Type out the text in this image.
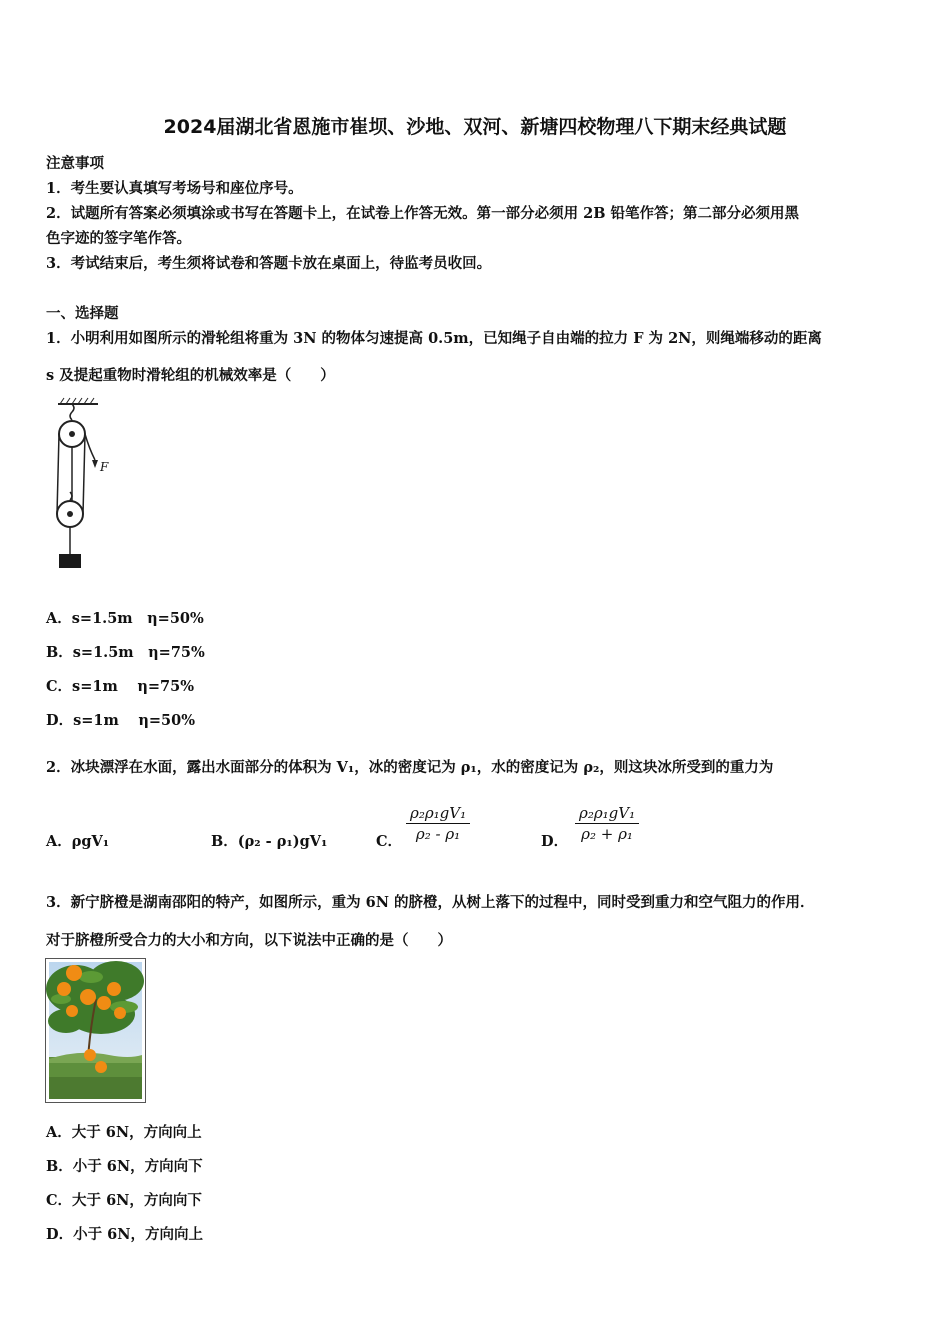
2024届湖北省恩施市崔坝、沙地、双河、新塘四校物理八下期末经典试题
注意事项
1．考生要认真填写考场号和座位序号。
2．试题所有答案必须填涂或书写在答题卡上，在试卷上作答无效。第一部分必须用 2B 铅笔作答；第二部分必须用黑
色字迹的签字笔作答。
3．考试结束后，考生须将试卷和答题卡放在桌面上，待监考员收回。
一、选择题
1．小明利用如图所示的滑轮组将重为 3N 的物体匀速提高 0.5m，已知绳子自由端的拉力 F 为 2N，则绳端移动的距离
s 及提起重物时滑轮组的机械效率是（　　）
F
A．s=1.5m　η=50%
B．s=1.5m　η=75%
C．s=1m　 η=75%
D．s=1m　 η=50%
2．冰块漂浮在水面，露出水面部分的体积为 V₁，冰的密度记为 ρ₁，水的密度记为 ρ₂，则这块冰所受到的重力为
A．ρgV₁	B．(ρ₂ - ρ₁)gV₁	C． $\frac{\text{ρ₂ρ₁gV₁}}{\text{ρ₂ - ρ₁}}$	D． $\frac{\text{ρ₂ρ₁gV₁}}{\text{ρ₂ + ρ₁}}$
3．新宁脐橙是湖南邵阳的特产，如图所示，重为 6N 的脐橙，从树上落下的过程中，同时受到重力和空气阻力的作用．
对于脐橙所受合力的大小和方向，以下说法中正确的是（　　）
A．大于 6N，方向向上
B．小于 6N，方向向下
C．大于 6N，方向向下
D．小于 6N，方向向上
